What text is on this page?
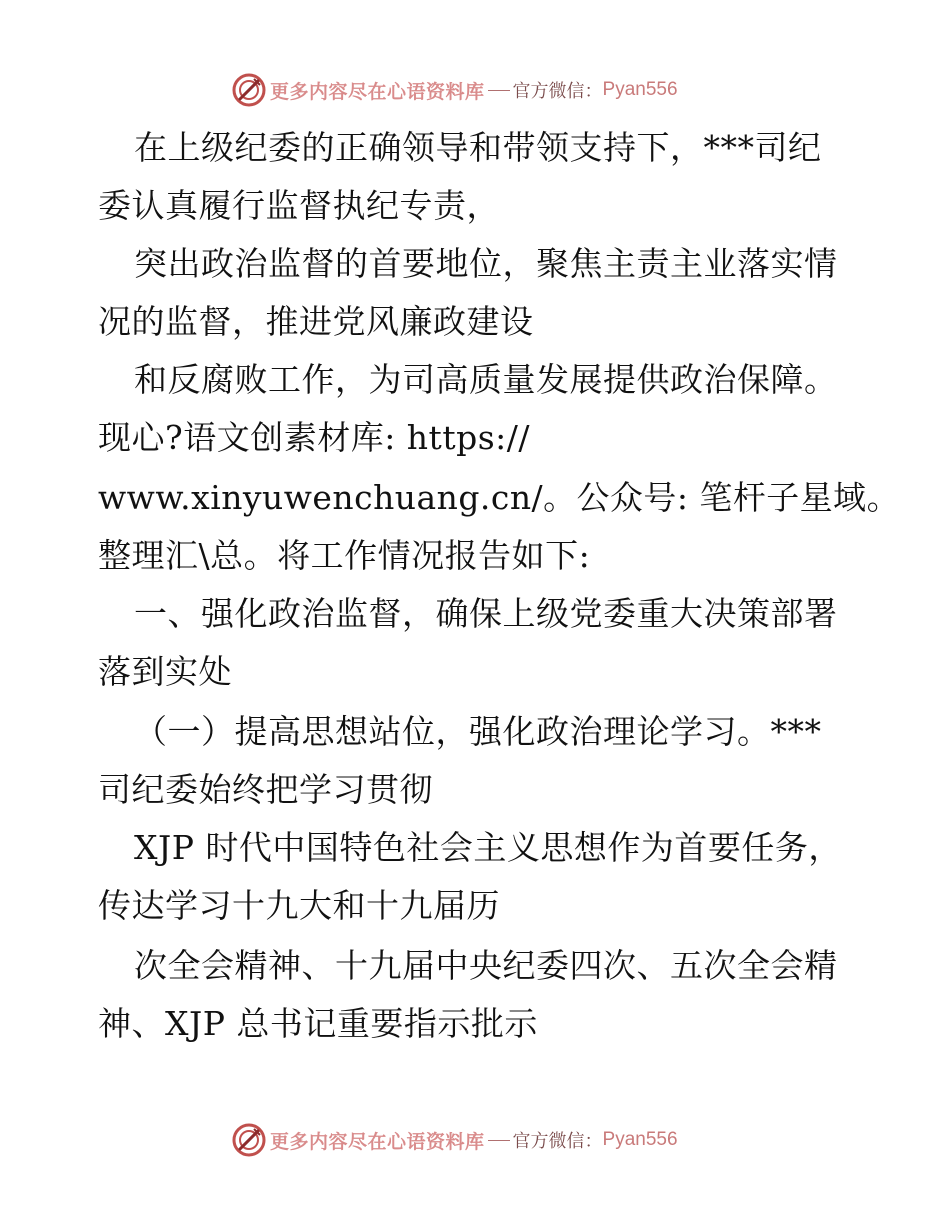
更多内容尽在心语资料库 官方微信： Pyan556
在上级纪委的正确领导和带领支持下，***司纪
委认真履行监督执纪专责，
突出政治监督的首要地位，聚焦主责主业落实情
况的监督，推进党风廉政建设
和反腐败工作，为司高质量发展提供政治保障。
现心?语文创素材库: https://
www.xinyuwenchuang.cn/。公众号: 笔杆子星域。
整理汇\总。将工作情况报告如下:
一、强化政治监督，确保上级党委重大决策部署
落到实处
（一）提高思想站位，强化政治理论学习。***
司纪委始终把学习贯彻
XJP 时代中国特色社会主义思想作为首要任务，
传达学习十九大和十九届历
次全会精神、十九届中央纪委四次、五次全会精
神、XJP 总书记重要指示批示
更多内容尽在心语资料库 官方微信： Pyan556
